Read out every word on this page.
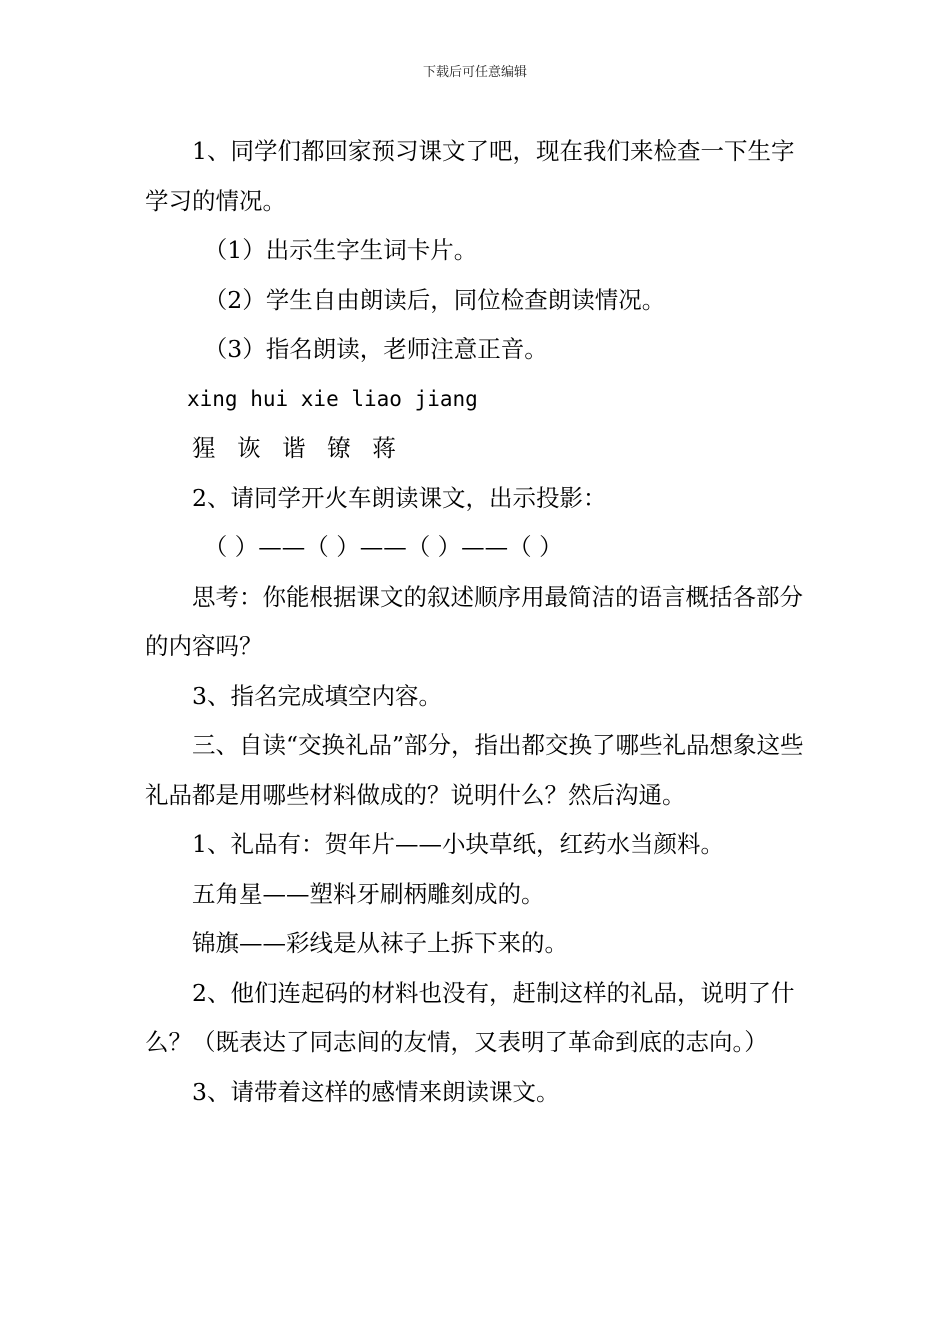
下载后可任意编辑

1、同学们都回家预习课文了吧，现在我们来检查一下生字学习的情况。

（1）出示生字生词卡片。

（2）学生自由朗读后，同位检查朗读情况。

（3）指名朗读，老师注意正音。

xing hui xie liao jiang

猩 诙 谐 镣 蒋

2、请同学开火车朗读课文，出示投影：

（ ）——（ ）——（ ）——（ ）

思考：你能根据课文的叙述顺序用最简洁的语言概括各部分的内容吗？

3、指名完成填空内容。

三、自读“交换礼品”部分，指出都交换了哪些礼品想象这些礼品都是用哪些材料做成的？说明什么？然后沟通。

1、礼品有：贺年片——小块草纸，红药水当颜料。

五角星——塑料牙刷柄雕刻成的。

锦旗——彩线是从袜子上拆下来的。

2、他们连起码的材料也没有，赶制这样的礼品，说明了什么？（既表达了同志间的友情，又表明了革命到底的志向。）

3、请带着这样的感情来朗读课文。
